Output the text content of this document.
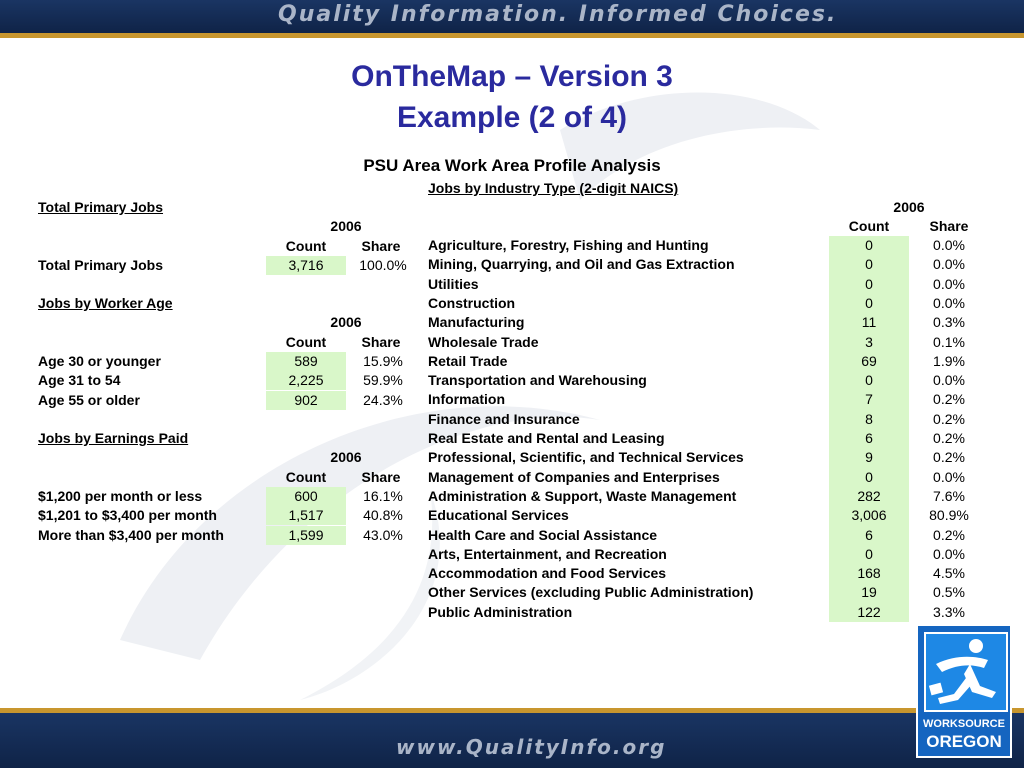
Quality Information. Informed Choices.
OnTheMap – Version 3
Example (2 of 4)
PSU Area Work Area Profile Analysis
Total Primary Jobs
2006
Count	Share
Total Primary Jobs	3,716	100.0%
Jobs by Worker Age
2006
Count	Share
Age 30 or younger	589	15.9%
Age 31 to 54	2,225	59.9%
Age 55 or older	902	24.3%
Jobs by Earnings Paid
2006
Count	Share
$1,200 per month or less	600	16.1%
$1,201 to $3,400 per month	1,517	40.8%
More than $3,400 per month	1,599	43.0%
Jobs by Industry Type (2-digit NAICS)
2006
Count	Share
Agriculture, Forestry, Fishing and Hunting	0	0.0%
Mining, Quarrying, and Oil and Gas Extraction	0	0.0%
Utilities	0	0.0%
Construction	0	0.0%
Manufacturing	11	0.3%
Wholesale Trade	3	0.1%
Retail Trade	69	1.9%
Transportation and Warehousing	0	0.0%
Information	7	0.2%
Finance and Insurance	8	0.2%
Real Estate and Rental and Leasing	6	0.2%
Professional, Scientific, and Technical Services	9	0.2%
Management of Companies and Enterprises	0	0.0%
Administration & Support, Waste Management	282	7.6%
Educational Services	3,006	80.9%
Health Care and Social Assistance	6	0.2%
Arts, Entertainment, and Recreation	0	0.0%
Accommodation and Food Services	168	4.5%
Other Services (excluding Public Administration)	19	0.5%
Public Administration	122	3.3%
www.QualityInfo.org
WORKSOURCE
OREGON
